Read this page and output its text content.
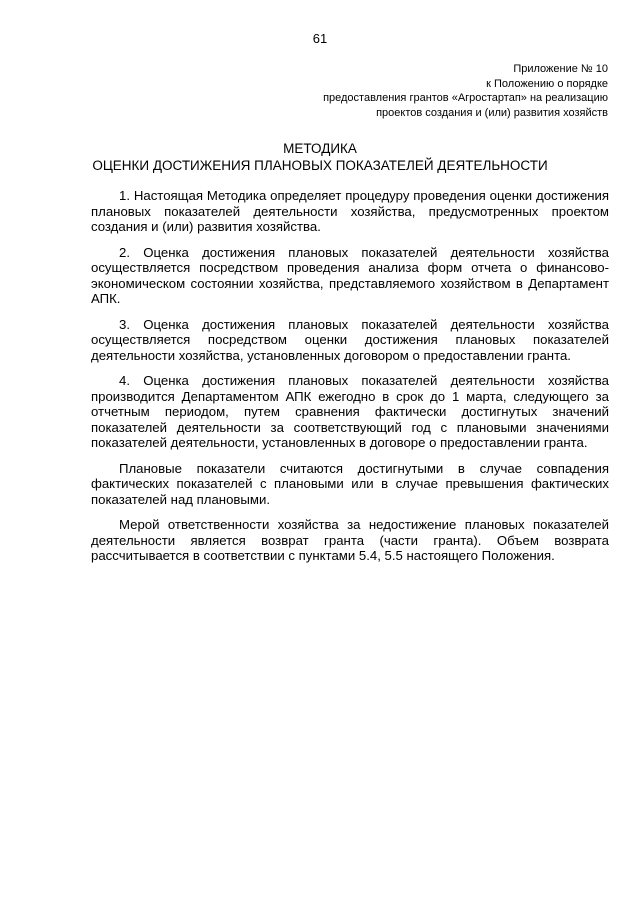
61
Приложение № 10
к Положению о порядке
предоставления грантов «Агростартап» на реализацию
проектов создания и (или) развития хозяйств
МЕТОДИКА
ОЦЕНКИ ДОСТИЖЕНИЯ ПЛАНОВЫХ ПОКАЗАТЕЛЕЙ ДЕЯТЕЛЬНОСТИ

1. Настоящая Методика определяет процедуру проведения оценки достижения плановых показателей деятельности хозяйства, предусмотренных проектом создания и (или) развития хозяйства.

2. Оценка достижения плановых показателей деятельности хозяйства осуществляется посредством проведения анализа форм отчета о финансово-экономическом состоянии хозяйства, представляемого хозяйством в Департамент АПК.

3. Оценка достижения плановых показателей деятельности хозяйства осуществляется посредством оценки достижения плановых показателей деятельности хозяйства, установленных договором о предоставлении гранта.

4. Оценка достижения плановых показателей деятельности хозяйства производится Департаментом АПК ежегодно в срок до 1 марта, следующего за отчетным периодом, путем сравнения фактически достигнутых значений показателей деятельности за соответствующий год с плановыми значениями показателей деятельности, установленных в договоре о предоставлении гранта.

Плановые показатели считаются достигнутыми в случае совпадения фактических показателей с плановыми или в случае превышения фактических показателей над плановыми.

Мерой ответственности хозяйства за недостижение плановых показателей деятельности является возврат гранта (части гранта). Объем возврата рассчитывается в соответствии с пунктами 5.4, 5.5 настоящего Положения.
